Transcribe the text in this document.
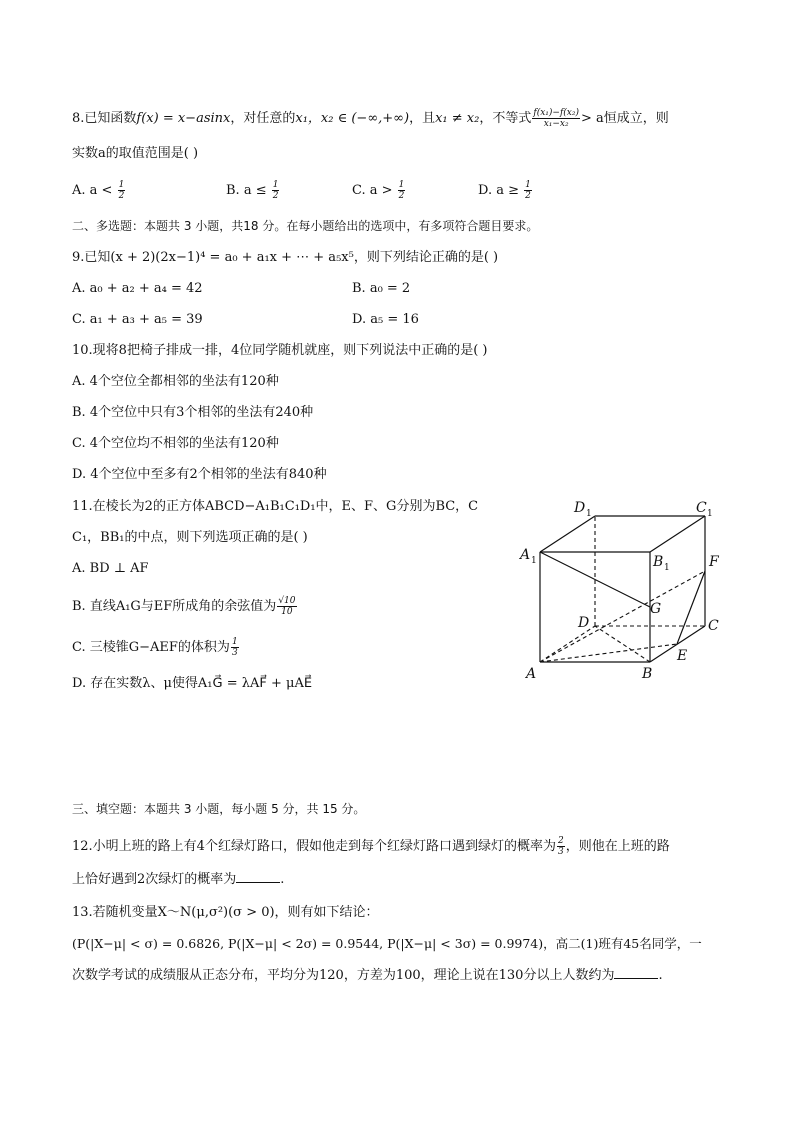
8.已知函数f(x) = x−asinx，对任意的x₁，x₂ ∈ (−∞,+∞)，且x₁ ≠ x₂，不等式 $\frac{\text{f(x₁)−f(x₂)}}{\text{x₁−x₂}} > a$恒成立，则
实数a的取值范围是( )
A. $a < \frac{1}{2}$	B. $a \le \frac{1}{2}$	C. $a > \frac{1}{2}$	D. $a \ge \frac{1}{2}$
二、多选题：本题共 3 小题，共18 分。在每小题给出的选项中，有多项符合题目要求。
9.已知(x + 2)(2x−1)⁴ = a₀ + a₁x + ⋯ + a₅x⁵，则下列结论正确的是( )
A. a₀ + a₂ + a₄ = 42	B. a₀ = 2
C. a₁ + a₃ + a₅ = 39	D. a₅ = 16
10.现将8把椅子排成一排，4位同学随机就座，则下列说法中正确的是( )
A. 4个空位全都相邻的坐法有120种
B. 4个空位中只有3个相邻的坐法有240种
C. 4个空位均不相邻的坐法有120种
D. 4个空位中至多有2个相邻的坐法有840种
11.在棱长为2的正方体ABCD−A₁B₁C₁D₁中，E、F、G分别为BC，C
C₁，BB₁的中点，则下列选项正确的是( )
A. BD ⊥ AF
B. 直线A₁G与EF所成角的余弦值为 $\frac{√10}{10}$
C. 三棱锥G−AEF的体积为 $\frac{1}{3}$
D. 存在实数λ、μ使得A₁G⃗ = λAF⃗ + μAE⃗
A	B
C
D
E
F
G
A 1	B 1
C 1
D 1
三、填空题：本题共 3 小题，每小题 5 分，共 15 分。
12.小明上班的路上有4个红绿灯路口，假如他走到每个红绿灯路口遇到绿灯的概率为 $\frac{2}{3}$ ，则他在上班的路
上恰好遇到2次绿灯的概率为	.
13.若随机变量X～N(μ,σ²)(σ > 0)，则有如下结论：
(P(|X−μ| < σ) = 0.6826, P(|X−μ| < 2σ) = 0.9544, P(|X−μ| < 3σ) = 0.9974)，高二(1)班有45名同学，一
次数学考试的成绩服从正态分布，平均分为120，方差为100，理论上说在130分以上人数约为	.
